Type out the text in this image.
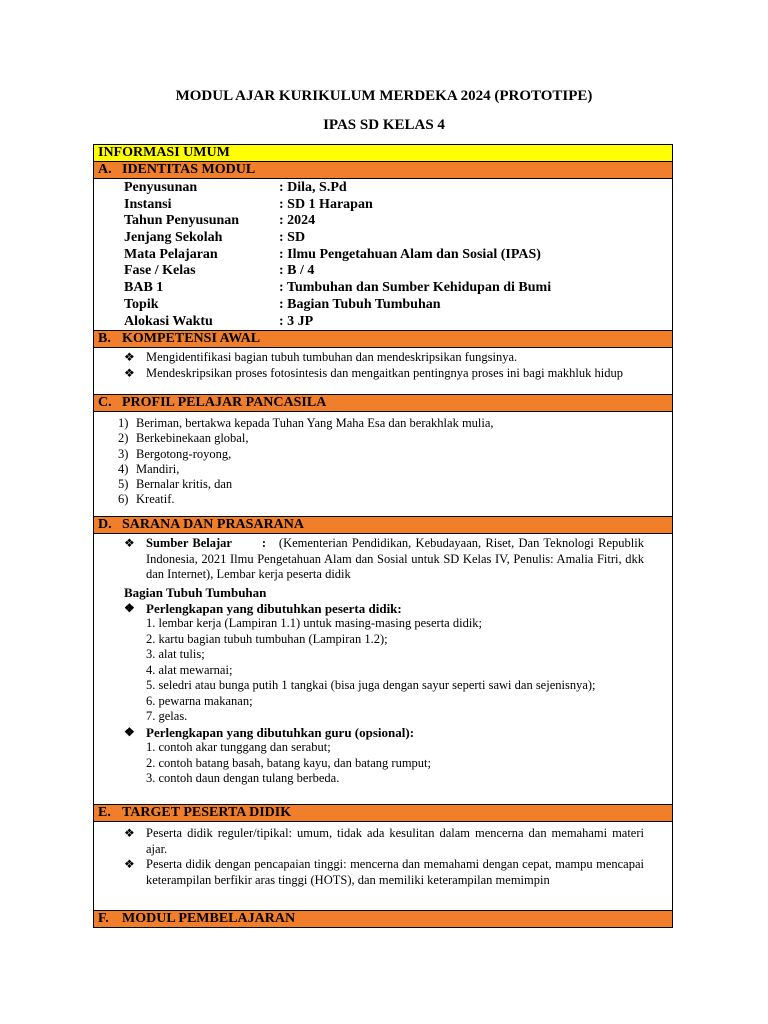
MODUL AJAR KURIKULUM MERDEKA 2024 (PROTOTIPE)
IPAS SD KELAS 4
INFORMASI UMUM
A. IDENTITAS MODUL
Penyusunan	: Dila, S.Pd
Instansi	: SD 1 Harapan
Tahun Penyusunan	: 2024
Jenjang Sekolah	: SD
Mata Pelajaran	: Ilmu Pengetahuan Alam dan Sosial (IPAS)
Fase / Kelas	: B / 4
BAB 1	: Tumbuhan dan Sumber Kehidupan di Bumi
Topik	: Bagian Tubuh Tumbuhan
Alokasi Waktu	: 3 JP
B. KOMPETENSI AWAL
❖ Mengidentifikasi bagian tubuh tumbuhan dan mendeskripsikan fungsinya.
❖ Mendeskripsikan proses fotosintesis dan mengaitkan pentingnya proses ini bagi makhluk hidup
C. PROFIL PELAJAR PANCASILA
1) Beriman, bertakwa kepada Tuhan Yang Maha Esa dan berakhlak mulia,
2) Berkebinekaan global,
3) Bergotong-royong,
4) Mandiri,
5) Bernalar kritis, dan
6) Kreatif.
D. SARANA DAN PRASARANA
❖ Sumber Belajar : (Kementerian Pendidikan, Kebudayaan, Riset, Dan Teknologi Republik Indonesia, 2021 Ilmu Pengetahuan Alam dan Sosial untuk SD Kelas IV, Penulis: Amalia Fitri, dkk dan Internet), Lembar kerja peserta didik
Bagian Tubuh Tumbuhan
❖ Perlengkapan yang dibutuhkan peserta didik:
1. lembar kerja (Lampiran 1.1) untuk masing-masing peserta didik;
2. kartu bagian tubuh tumbuhan (Lampiran 1.2);
3. alat tulis;
4. alat mewarnai;
5. seledri atau bunga putih 1 tangkai (bisa juga dengan sayur seperti sawi dan sejenisnya);
6. pewarna makanan;
7. gelas.
❖ Perlengkapan yang dibutuhkan guru (opsional):
1. contoh akar tunggang dan serabut;
2. contoh batang basah, batang kayu, dan batang rumput;
3. contoh daun dengan tulang berbeda.
E. TARGET PESERTA DIDIK
❖ Peserta didik reguler/tipikal: umum, tidak ada kesulitan dalam mencerna dan memahami materi ajar.
❖ Peserta didik dengan pencapaian tinggi: mencerna dan memahami dengan cepat, mampu mencapai keterampilan berfikir aras tinggi (HOTS), dan memiliki keterampilan memimpin
F. MODUL PEMBELAJARAN
